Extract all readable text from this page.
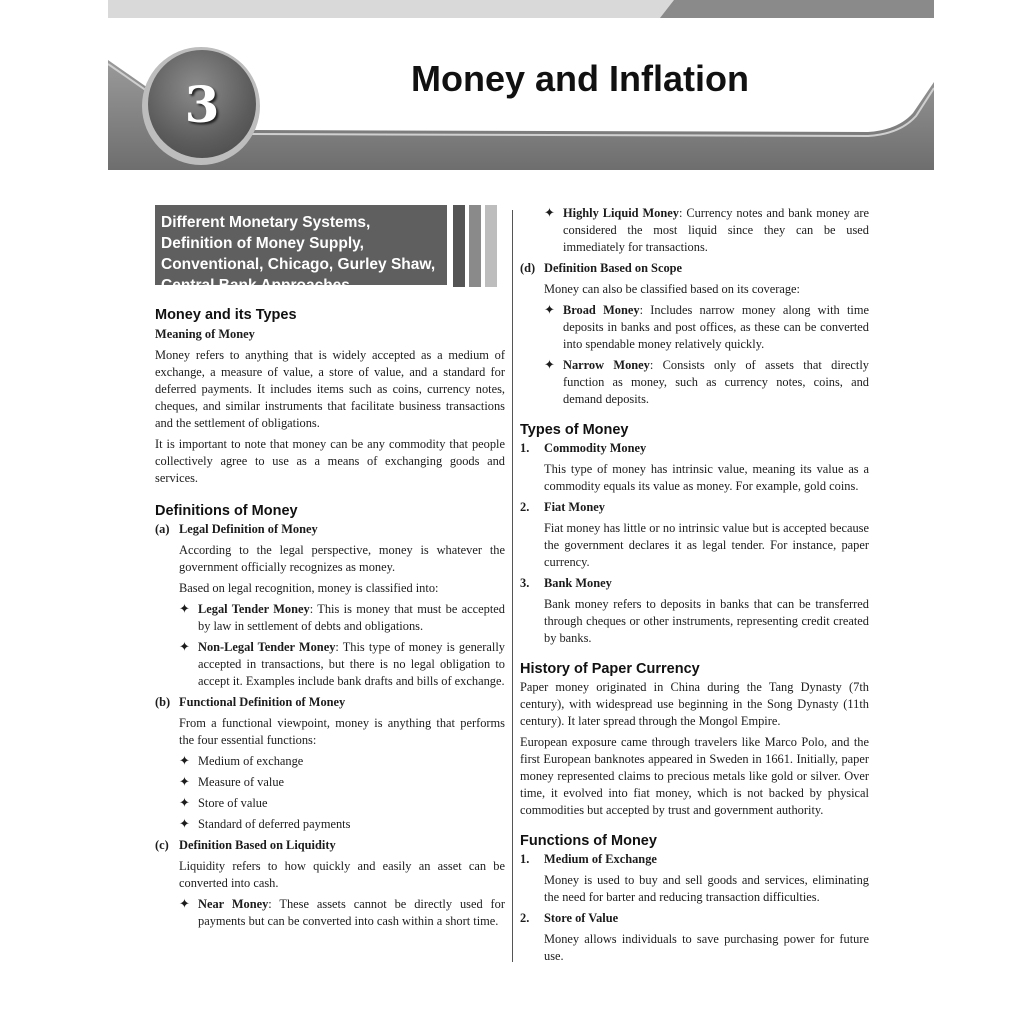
3	Money and Inflation
Different Monetary Systems, Definition of Money Supply, Conventional, Chicago, Gurley Shaw, Central Bank Approaches
Money and its Types
Meaning of Money

Money refers to anything that is widely accepted as a medium of exchange, a measure of value, a store of value, and a standard for deferred payments. It includes items such as coins, currency notes, cheques, and similar instruments that facilitate business transactions and the settlement of obligations.

It is important to note that money can be any commodity that people collectively agree to use as a means of exchanging goods and services.

Definitions of Money
(a) Legal Definition of Money

According to the legal perspective, money is whatever the government officially recognizes as money.

Based on legal recognition, money is classified into:

✦ Legal Tender Money: This is money that must be accepted by law in settlement of debts and obligations.
✦ Non-Legal Tender Money: This type of money is generally accepted in transactions, but there is no legal obligation to accept it. Examples include bank drafts and bills of exchange.
(b) Functional Definition of Money

From a functional viewpoint, money is anything that performs the four essential functions:

✦ Medium of exchange
✦ Measure of value
✦ Store of value
✦ Standard of deferred payments
(c) Definition Based on Liquidity

Liquidity refers to how quickly and easily an asset can be converted into cash.

✦ Near Money: These assets cannot be directly used for payments but can be converted into cash within a short time.
✦ Highly Liquid Money: Currency notes and bank money are considered the most liquid since they can be used immediately for transactions.
(d) Definition Based on Scope

Money can also be classified based on its coverage:

✦ Broad Money: Includes narrow money along with time deposits in banks and post offices, as these can be converted into spendable money relatively quickly.
✦ Narrow Money: Consists only of assets that directly function as money, such as currency notes, coins, and demand deposits.
Types of Money
1.	Commodity Money

This type of money has intrinsic value, meaning its value as a commodity equals its value as money. For example, gold coins.

2.	Fiat Money

Fiat money has little or no intrinsic value but is accepted because the government declares it as legal tender. For instance, paper currency.

3.	Bank Money

Bank money refers to deposits in banks that can be transferred through cheques or other instruments, representing credit created by banks.

History of Paper Currency

Paper money originated in China during the Tang Dynasty (7th century), with widespread use beginning in the Song Dynasty (11th century). It later spread through the Mongol Empire.

European exposure came through travelers like Marco Polo, and the first European banknotes appeared in Sweden in 1661. Initially, paper money represented claims to precious metals like gold or silver. Over time, it evolved into fiat money, which is not backed by physical commodities but accepted by trust and government authority.

Functions of Money
1.	Medium of Exchange

Money is used to buy and sell goods and services, eliminating the need for barter and reducing transaction difficulties.

2.	Store of Value

Money allows individuals to save purchasing power for future use.
